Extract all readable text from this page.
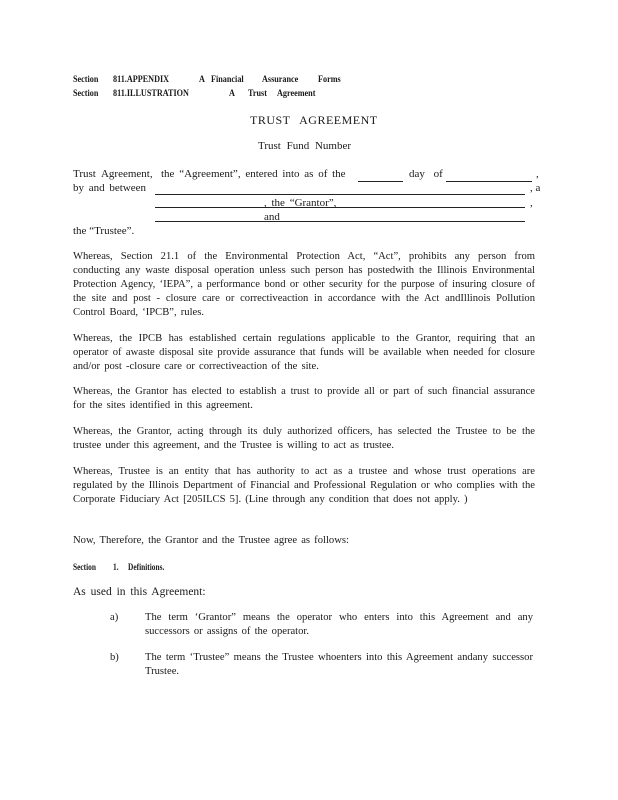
Section 811.APPENDIX	A Financial Assurance Forms
Section 811.ILLUSTRATION	A Trust Agreement
TRUST AGREEMENT
Trust Fund Number
Trust Agreement, the “Agreement”, entered into as of the	day of	,
by and between	, a
, the “Grantor”,	,
and
the “Trustee”.

Whereas, Section 21.1 of the Environmental Protection Act, “Act”, prohibits any person from conducting any waste disposal operation unless such person has postedwith the Illinois Environmental Protection Agency, ‘IEPA”, a performance bond or other security for the purpose of insuring closure of the site and post - closure care or correctiveaction in accordance with the Act andIllinois Pollution Control Board, ‘IPCB”, rules.

Whereas, the IPCB has established certain regulations applicable to the Grantor, requiring that an operator of awaste disposal site provide assurance that funds will be available when needed for closure and/or post -closure care or correctiveaction of the site.

Whereas, the Grantor has elected to establish a trust to provide all or part of such financial assurance for the sites identified in this agreement.

Whereas, the Grantor, acting through its duly authorized officers, has selected the Trustee to be the trustee under this agreement, and the Trustee is willing to act as trustee.

Whereas, Trustee is an entity that has authority to act as a trustee and whose trust operations are regulated by the Illinois Department of Financial and Professional Regulation or who complies with the Corporate Fiduciary Act [205ILCS 5]. (Line through any condition that does not apply. )

Now, Therefore, the Grantor and the Trustee agree as follows:

Section 1. Definitions.
As used in this Agreement:
a)	The term ‘Grantor” means the operator who enters into this Agreement and any successors or assigns of the operator.

b) The term ‘Trustee” means the Trustee whoenters into this Agreement andany successor Trustee.
